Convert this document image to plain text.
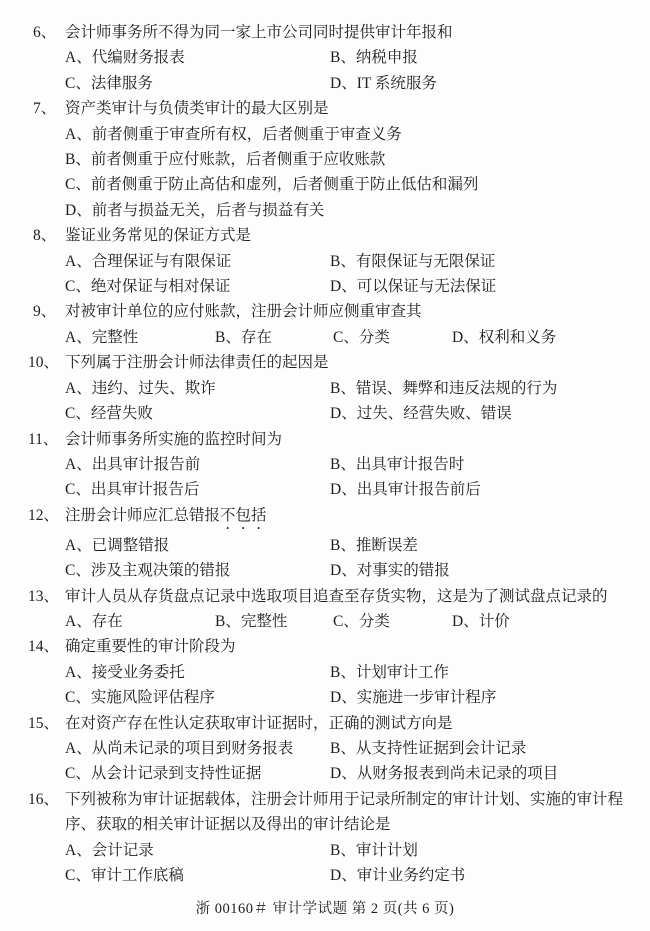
6、 会计师事务所不得为同一家上市公司同时提供审计年报和
A、代编财务报表	B、纳税申报
C、法律服务	D、IT 系统服务
7、 资产类审计与负债类审计的最大区别是
A、前者侧重于审查所有权，后者侧重于审查义务
B、前者侧重于应付账款，后者侧重于应收账款
C、前者侧重于防止高估和虚列，后者侧重于防止低估和漏列
D、前者与损益无关，后者与损益有关
8、 鉴证业务常见的保证方式是
A、合理保证与有限保证	B、有限保证与无限保证
C、绝对保证与相对保证	D、可以保证与无法保证
9、 对被审计单位的应付账款，注册会计师应侧重审查其
A、完整性	B、存在	C、分类	D、权利和义务
10、 下列属于注册会计师法律责任的起因是
A、违约、过失、欺诈	B、错误、舞弊和违反法规的行为
C、经营失败	D、过失、经营失败、错误
11、 会计师事务所实施的监控时间为
A、出具审计报告前	B、出具审计报告时
C、出具审计报告后	D、出具审计报告前后
12、 注册会计师应汇总错报不包括
A、已调整错报	B、推断误差
C、涉及主观决策的错报	D、对事实的错报
13、 审计人员从存货盘点记录中选取项目追查至存货实物，这是为了测试盘点记录的
A、存在	B、完整性	C、分类	D、计价
14、 确定重要性的审计阶段为
A、接受业务委托	B、计划审计工作
C、实施风险评估程序	D、实施进一步审计程序
15、 在对资产存在性认定获取审计证据时，正确的测试方向是
A、从尚未记录的项目到财务报表	B、从支持性证据到会计记录
C、从会计记录到支持性证据	D、从财务报表到尚未记录的项目
16、 下列被称为审计证据载体，注册会计师用于记录所制定的审计计划、实施的审计程序、获取的相关审计证据以及得出的审计结论是
A、会计记录	B、审计计划
C、审计工作底稿	D、审计业务约定书
浙 00160＃ 审计学试题 第 2 页(共 6 页)
